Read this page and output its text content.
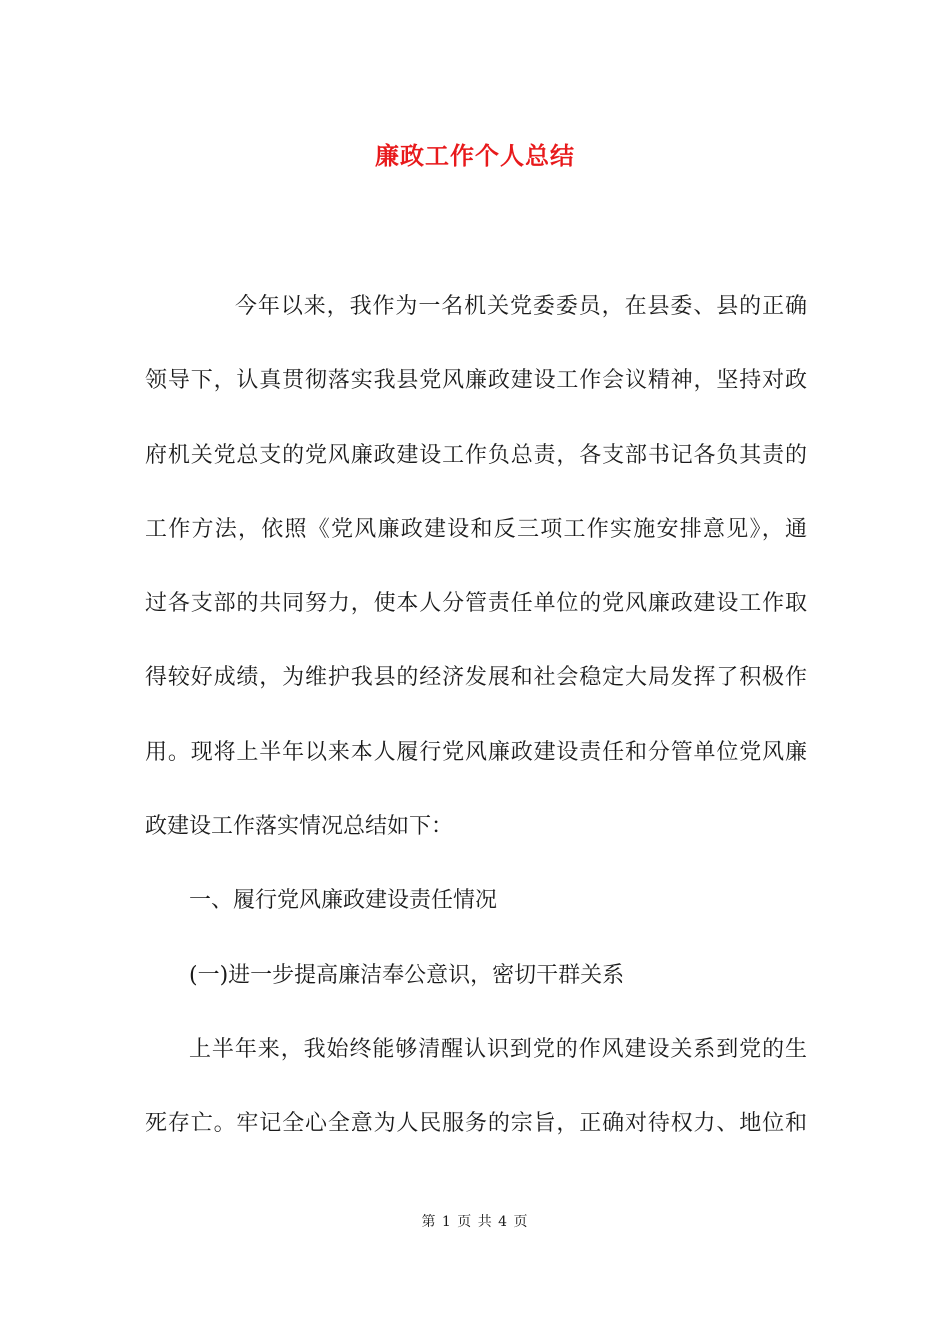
廉政工作个人总结
今年以来，我作为一名机关党委委员，在县委、县的正确
领导下，认真贯彻落实我县党风廉政建设工作会议精神，坚持对政
府机关党总支的党风廉政建设工作负总责，各支部书记各负其责的
工作方法，依照《党风廉政建设和反三项工作实施安排意见》，通
过各支部的共同努力，使本人分管责任单位的党风廉政建设工作取
得较好成绩，为维护我县的经济发展和社会稳定大局发挥了积极作
用。现将上半年以来本人履行党风廉政建设责任和分管单位党风廉
政建设工作落实情况总结如下：
一、履行党风廉政建设责任情况
(一)进一步提高廉洁奉公意识，密切干群关系
上半年来，我始终能够清醒认识到党的作风建设关系到党的生
死存亡。牢记全心全意为人民服务的宗旨，正确对待权力、地位和
第 1 页 共 4 页
